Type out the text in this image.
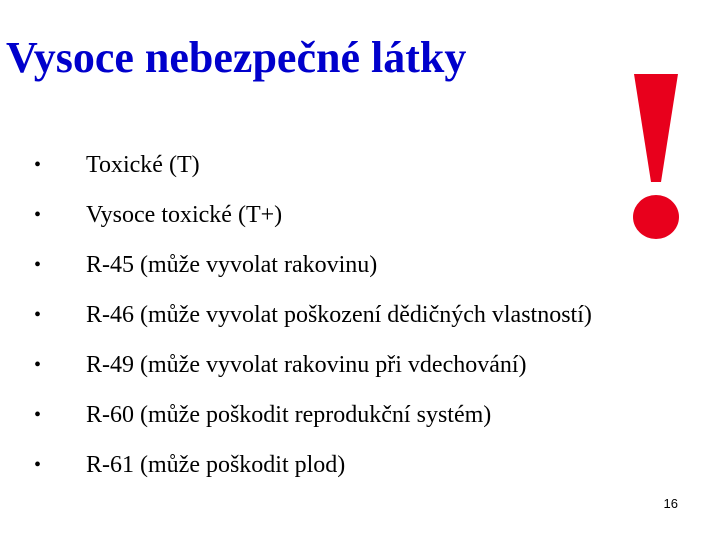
Vysoce nebezpečné látky
• Toxické (T)
• Vysoce toxické (T+)
• R-45 (může vyvolat rakovinu)
• R-46 (může vyvolat poškození dědičných vlastností)
• R-49 (může vyvolat rakovinu při vdechování)
• R-60 (může poškodit reprodukční systém)
• R-61 (může poškodit plod)
16
